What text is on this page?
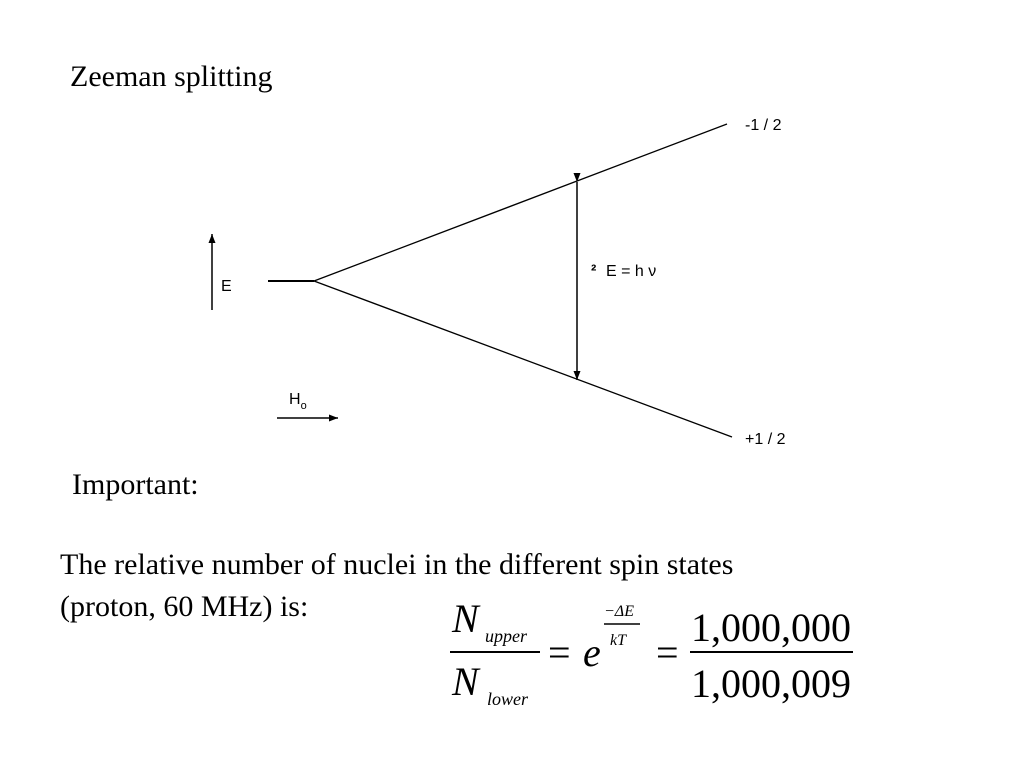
Zeeman splitting
E
-1 / 2
+1 / 2
² E = h ν
$H_o$
N upper
N lower
= e
−ΔE
kT =
1,000,000
1,000,009
Important:
The relative number of nuclei in the different spin states
(proton, 60 MHz) is:
